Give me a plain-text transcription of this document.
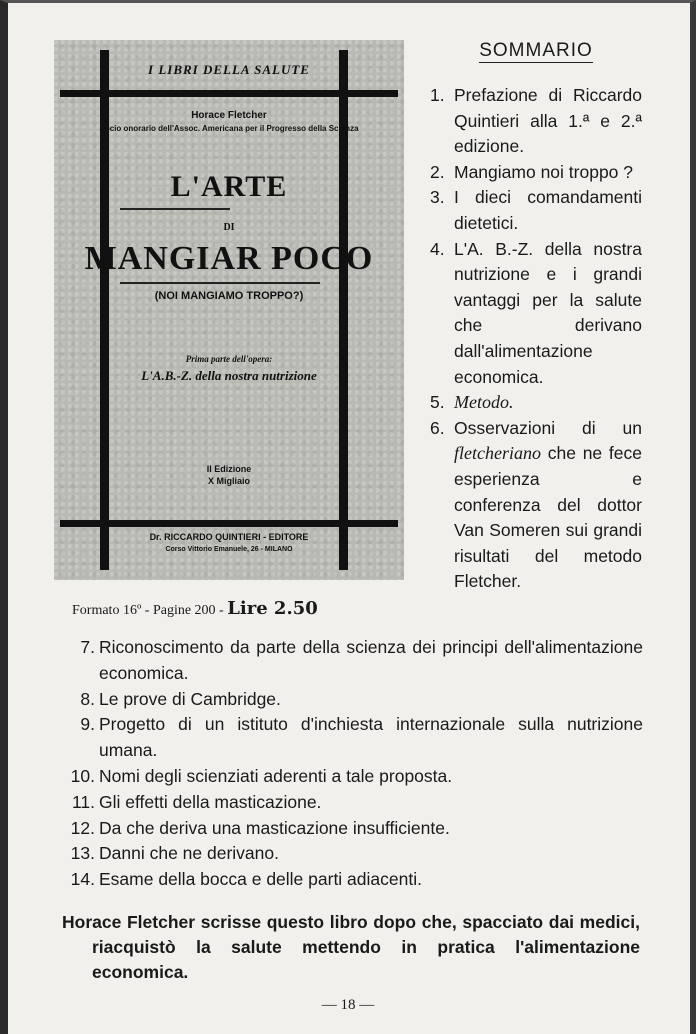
I LIBRI DELLA SALUTE
Horace Fletcher
Socio onorario dell'Assoc. Americana per il Progresso della Scienza
L'ARTE
DI
MANGIAR POCO
(NOI MANGIAMO TROPPO?)
Prima parte dell'opera:
L'A.B.-Z. della nostra nutrizione
II Edizione
X Migliaio
Dr. RICCARDO QUINTIERI - EDITORE
Corso Vittorio Emanuele, 26 - MILANO
Formato 16º - Pagine 200 - Lire 2.50
SOMMARIO
1. Prefazione di Riccardo Quintieri alla 1.ª e 2.ª edizione.
2. Mangiamo noi troppo ?
3. I dieci comandamenti dietetici.
4. L'A. B.-Z. della nostra nutrizione e i grandi vantaggi per la salute che derivano dall'alimentazione economica.
5. Metodo.
6. Osservazioni di un fletcheriano che ne fece esperienza e conferenza del dottor Van Someren sui grandi risultati del metodo Fletcher.
7. Riconoscimento da parte della scienza dei principi dell'alimentazione economica.
8. Le prove di Cambridge.
9. Progetto di un istituto d'inchiesta internazionale sulla nutrizione umana.
10. Nomi degli scienziati aderenti a tale proposta.
11. Gli effetti della masticazione.
12. Da che deriva una masticazione insufficiente.
13. Danni che ne derivano.
14. Esame della bocca e delle parti adiacenti.

Horace Fletcher scrisse questo libro dopo che, spacciato dai medici, riacquistò la salute mettendo in pratica l'alimentazione economica.

— 18 —
